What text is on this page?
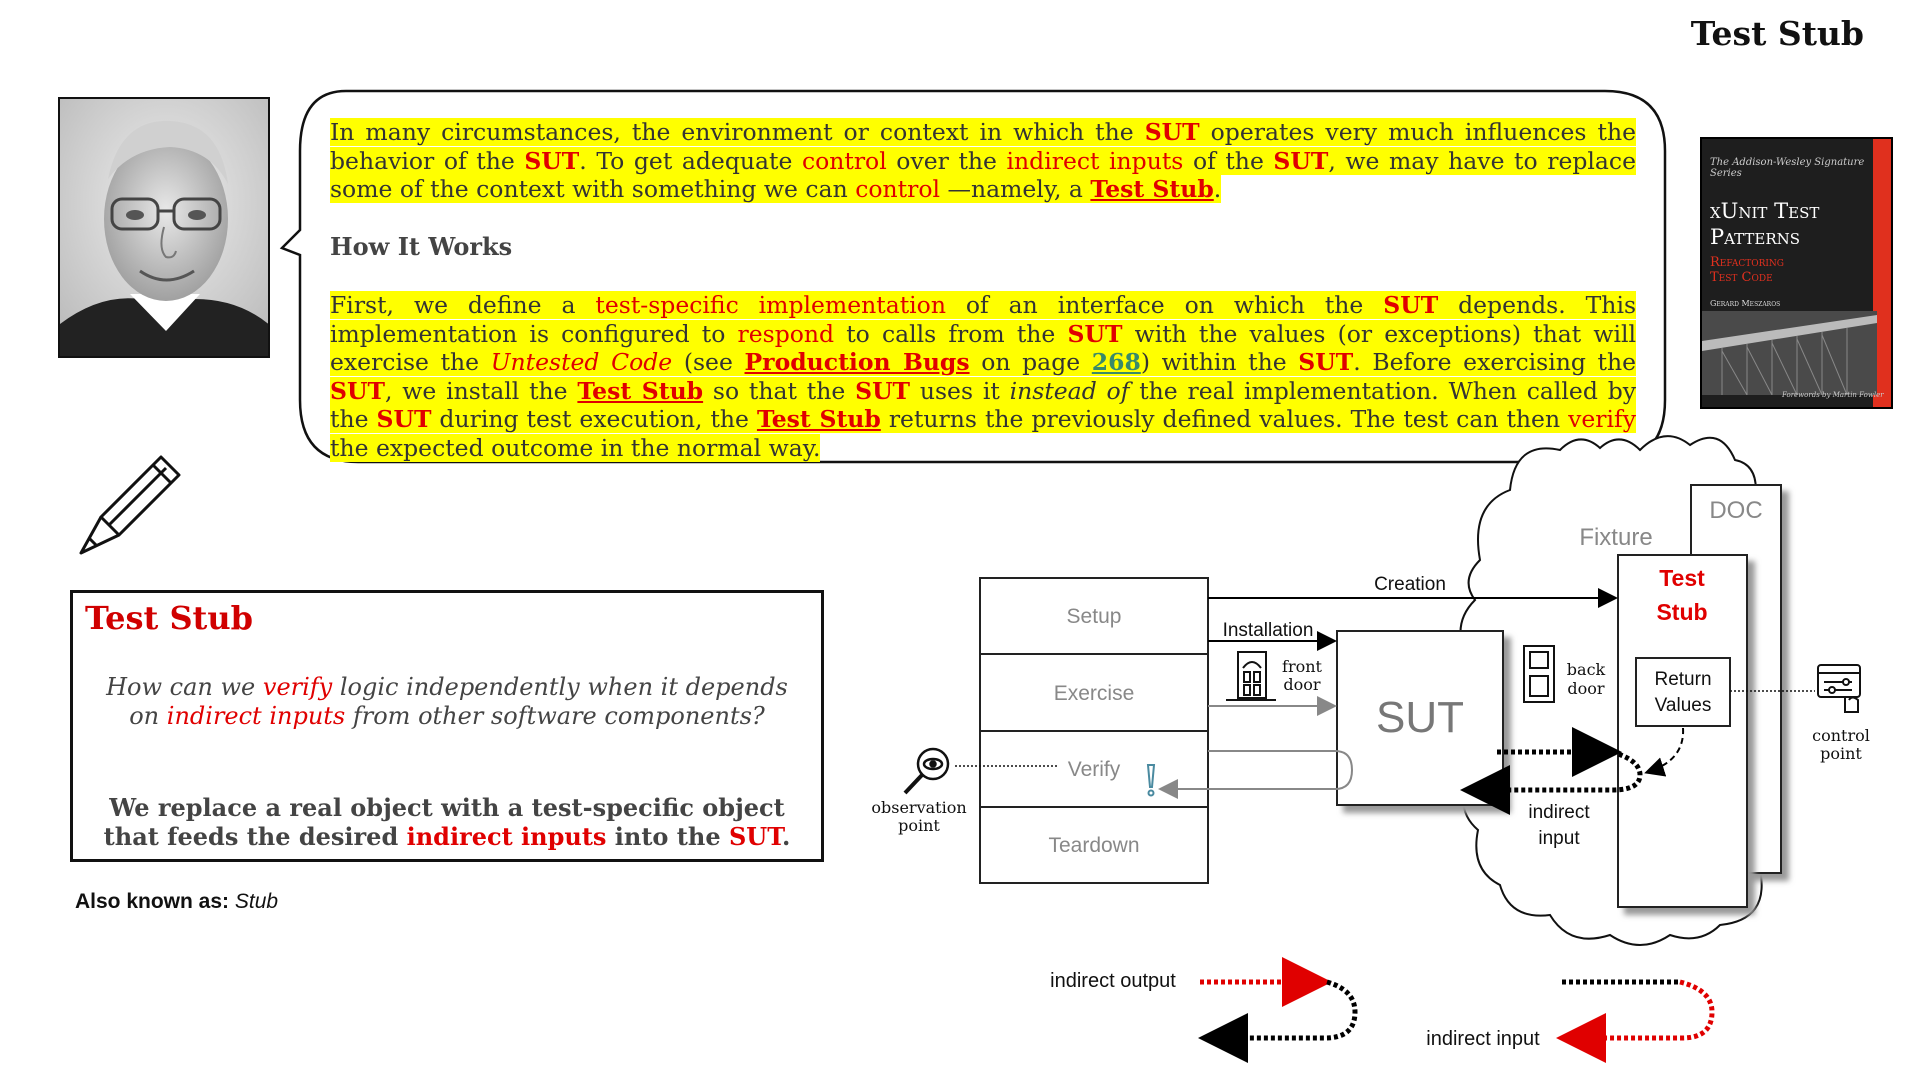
Test Stub
In many circumstances, the environment or context in which the SUT operates very much influences the behavior of the SUT. To get adequate control over the indirect inputs of the SUT, we may have to replace some of the context with something we can control —namely, a Test Stub.
How It Works
First, we define a test-specific implementation of an interface on which the SUT depends. This implementation is configured to respond to calls from the SUT with the values (or exceptions) that will exercise the Untested Code (see Production Bugs on page 268) within the SUT. Before exercising the SUT, we install the Test Stub so that the SUT uses it instead of the real implementation. When called by the SUT during test execution, the Test Stub returns the previously defined values. The test can then verify the expected outcome in the normal way.
The Addison-Wesley Signature Series
xUnit Test
Patterns
Refactoring
Test Code
Gerard Meszaros
Forewords by Martin Fowler
Test Stub
How can we verify logic independently when it depends on indirect inputs from other software components?
We replace a real object with a test-specific object that feeds the desired indirect inputs into the SUT.
Also known as: Stub
DOC
Fixture
Test
Stub
Return
Values
Setup
Exercise
Verify
Teardown
SUT
Creation
Installation
front
door
back
door
indirect
input
observation
point
control
point
indirect output
indirect input
